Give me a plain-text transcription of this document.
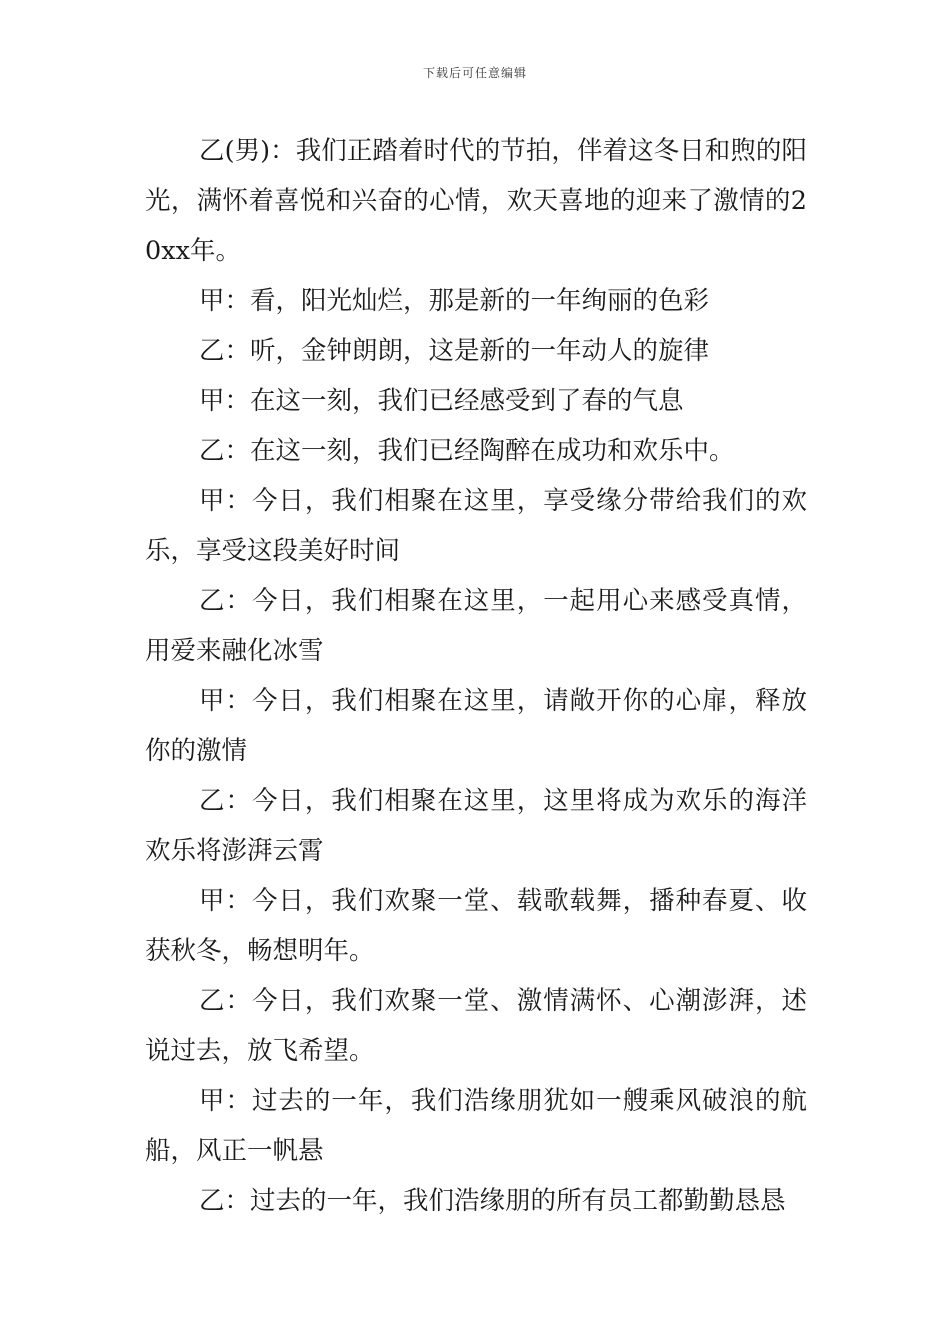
下载后可任意编辑

乙(男)：我们正踏着时代的节拍，伴着这冬日和煦的阳光，满怀着喜悦和兴奋的心情，欢天喜地的迎来了激情的20xx年。

甲：看，阳光灿烂，那是新的一年绚丽的色彩

乙：听，金钟朗朗，这是新的一年动人的旋律

甲：在这一刻，我们已经感受到了春的气息

乙：在这一刻，我们已经陶醉在成功和欢乐中。

甲：今日，我们相聚在这里，享受缘分带给我们的欢乐，享受这段美好时间

乙：今日，我们相聚在这里，一起用心来感受真情，用爱来融化冰雪

甲：今日，我们相聚在这里，请敞开你的心扉，释放你的激情

乙：今日，我们相聚在这里，这里将成为欢乐的海洋欢乐将澎湃云霄

甲：今日，我们欢聚一堂、载歌载舞，播种春夏、收获秋冬，畅想明年。

乙：今日，我们欢聚一堂、激情满怀、心潮澎湃，述说过去，放飞希望。

甲：过去的一年，我们浩缘朋犹如一艘乘风破浪的航船，风正一帆悬

乙：过去的一年，我们浩缘朋的所有员工都勤勤恳恳
